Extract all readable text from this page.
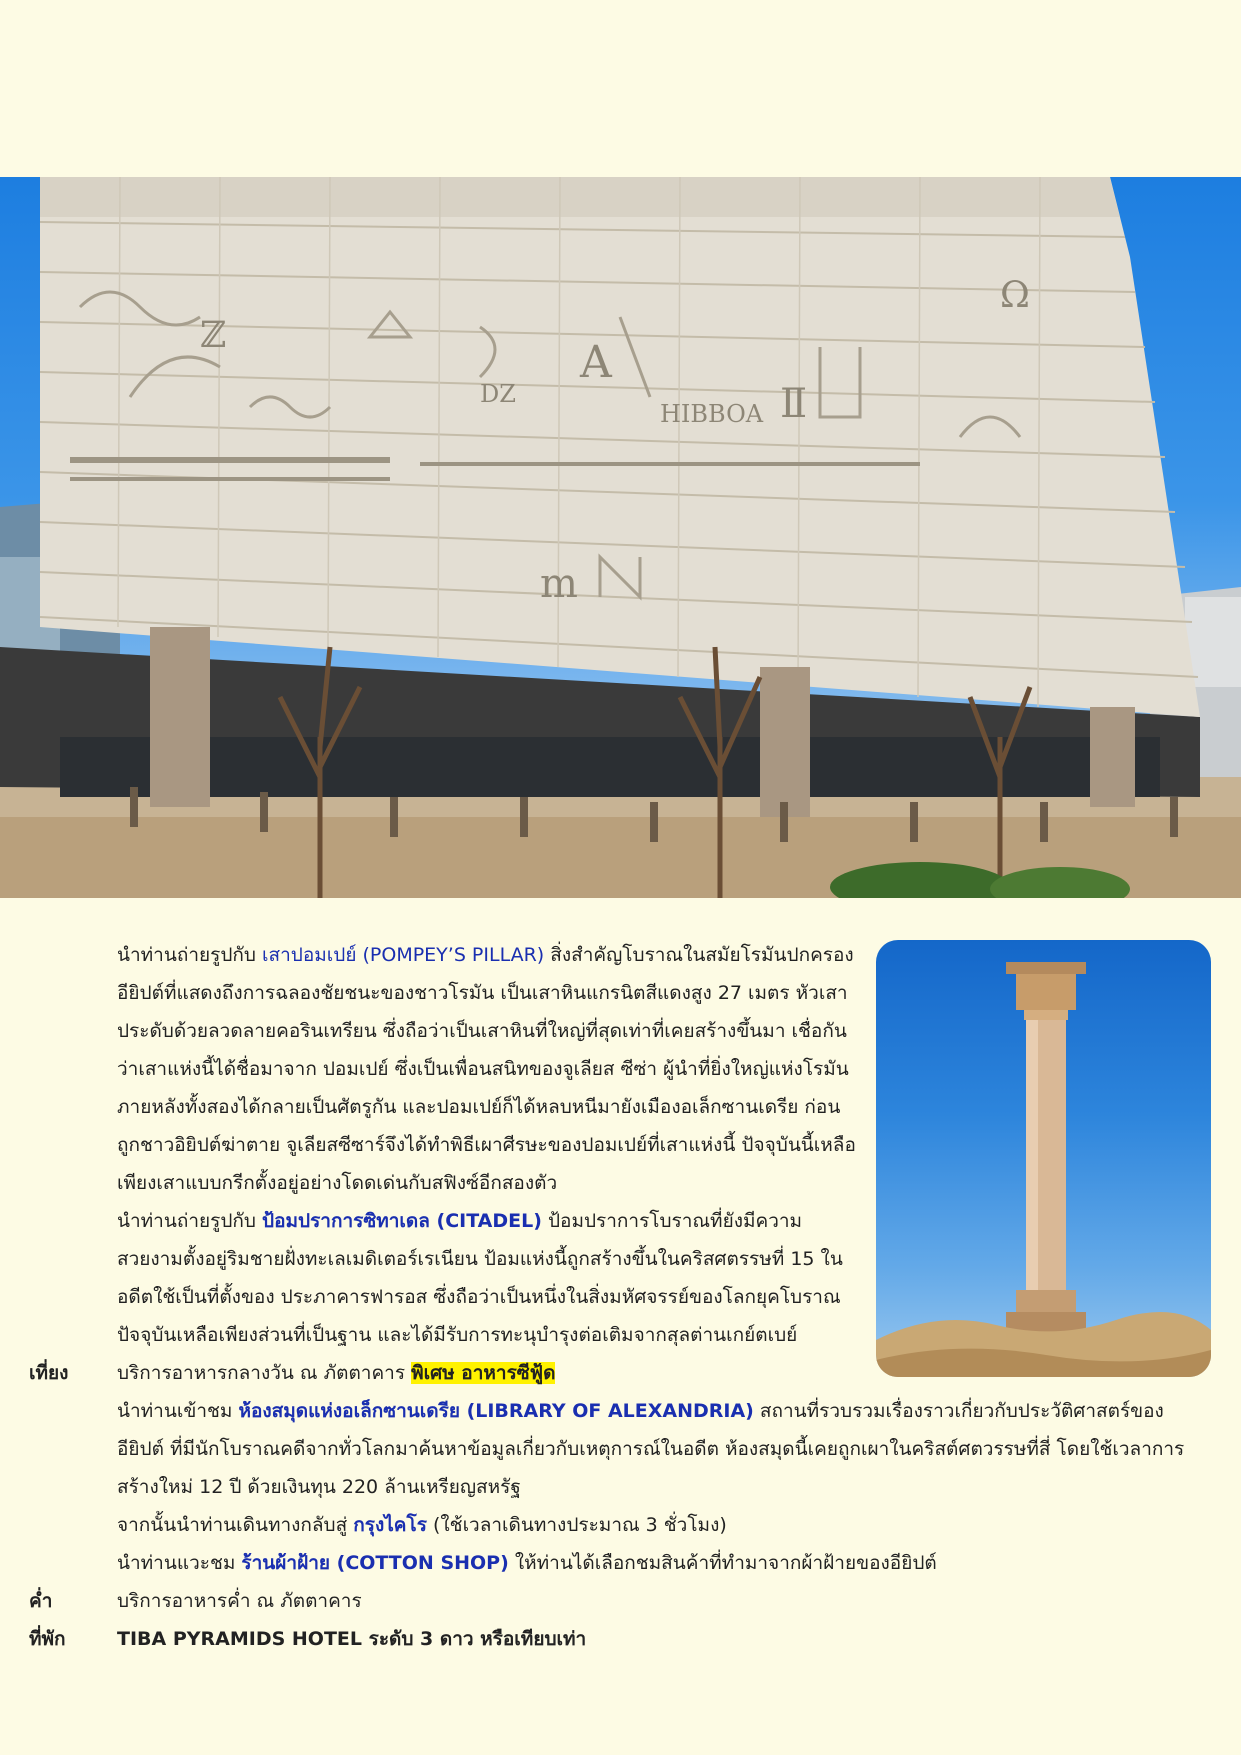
DZ
HIBBOA
A
Ⅱ
m
ℤ
Ω
นำท่านถ่ายรูปกับ เสาปอมเปย์ (POMPEY’S PILLAR) สิ่งสำคัญโบราณในสมัยโรมันปกครองอียิปต์ที่แสดงถึงการฉลองชัยชนะของชาวโรมัน เป็นเสาหินแกรนิตสีแดงสูง 27 เมตร หัวเสาประดับด้วยลวดลายคอรินเทรียน ซึ่งถือว่าเป็นเสาหินที่ใหญ่ที่สุดเท่าที่เคยสร้างขึ้นมา เชื่อกันว่าเสาแห่งนี้ได้ชื่อมาจาก ปอมเปย์ ซึ่งเป็นเพื่อนสนิทของจูเลียส ซีซ่า ผู้นำที่ยิ่งใหญ่แห่งโรมัน ภายหลังทั้งสองได้กลายเป็นศัตรูกัน และปอมเปย์ก็ได้หลบหนีมายังเมืองอเล็กซานเดรีย ก่อนถูกชาวอิยิปต์ฆ่าตาย จูเลียสซีซาร์จึงได้ทำพิธีเผาศีรษะของปอมเปย์ที่เสาแห่งนี้ ปัจจุบันนี้เหลือเพียงเสาแบบกรีกตั้งอยู่อย่างโดดเด่นกับสฟิงซ์อีกสองตัว
นำท่านถ่ายรูปกับ ป้อมปราการซิทาเดล (CITADEL) ป้อมปราการโบราณที่ยังมีความสวยงามตั้งอยู่ริมชายฝั่งทะเลเมดิเตอร์เรเนียน ป้อมแห่งนี้ถูกสร้างขึ้นในคริสศตรรษที่ 15 ในอดีตใช้เป็นที่ตั้งของ ประภาคารฟารอส ซึ่งถือว่าเป็นหนึ่งในสิ่งมหัศจรรย์ของโลกยุคโบราณ ปัจจุบันเหลือเพียงส่วนที่เป็นฐาน และได้มีรับการทะนุบำรุงต่อเติมจากสุลต่านเกย์ตเบย์
เที่ยง	บริการอาหารกลางวัน ณ ภัตตาคาร พิเศษ อาหารซีฟู้ด
นำท่านเข้าชม ห้องสมุดแห่งอเล็กซานเดรีย (LIBRARY OF ALEXANDRIA) สถานที่รวบรวมเรื่องราวเกี่ยวกับประวัติศาสตร์ของอียิปต์ ที่มีนักโบราณคดีจากทั่วโลกมาค้นหาข้อมูลเกี่ยวกับเหตุการณ์ในอดีต ห้องสมุดนี้เคยถูกเผาในคริสต์ศตวรรษที่สี่ โดยใช้เวลาการสร้างใหม่ 12 ปี ด้วยเงินทุน 220 ล้านเหรียญสหรัฐ
จากนั้นนำท่านเดินทางกลับสู่ กรุงไคโร (ใช้เวลาเดินทางประมาณ 3 ชั่วโมง)
นำท่านแวะชม ร้านผ้าฝ้าย (COTTON SHOP) ให้ท่านได้เลือกชมสินค้าที่ทำมาจากผ้าฝ้ายของอียิปต์
ค่ำ	บริการอาหารค่ำ ณ ภัตตาคาร
ที่พัก	TIBA PYRAMIDS HOTEL ระดับ 3 ดาว หรือเทียบเท่า
